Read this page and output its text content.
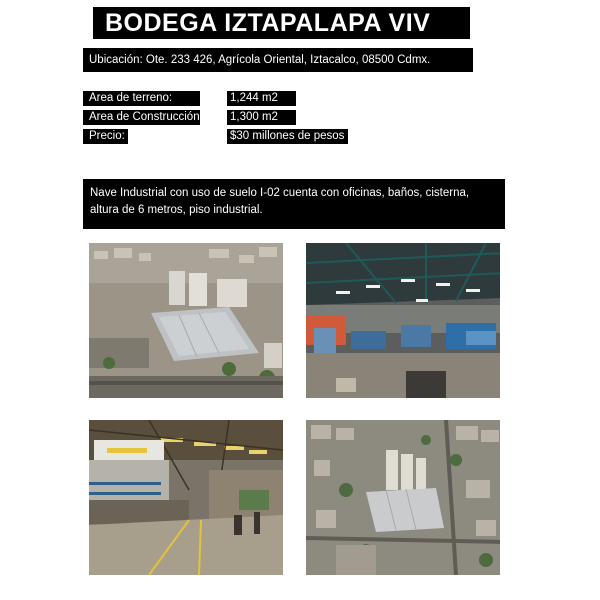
BODEGA IZTAPALAPA VIV
Ubicación: Ote. 233 426, Agrícola Oriental, Iztacalco, 08500 Cdmx.
Area de terreno:	1,244 m2
Area de Construcción: 1,300 m2
Precio:	$30 millones de pesos
Nave Industrial con uso de suelo I-02 cuenta con oficinas, baños, cisterna, altura de 6 metros, piso industrial.
